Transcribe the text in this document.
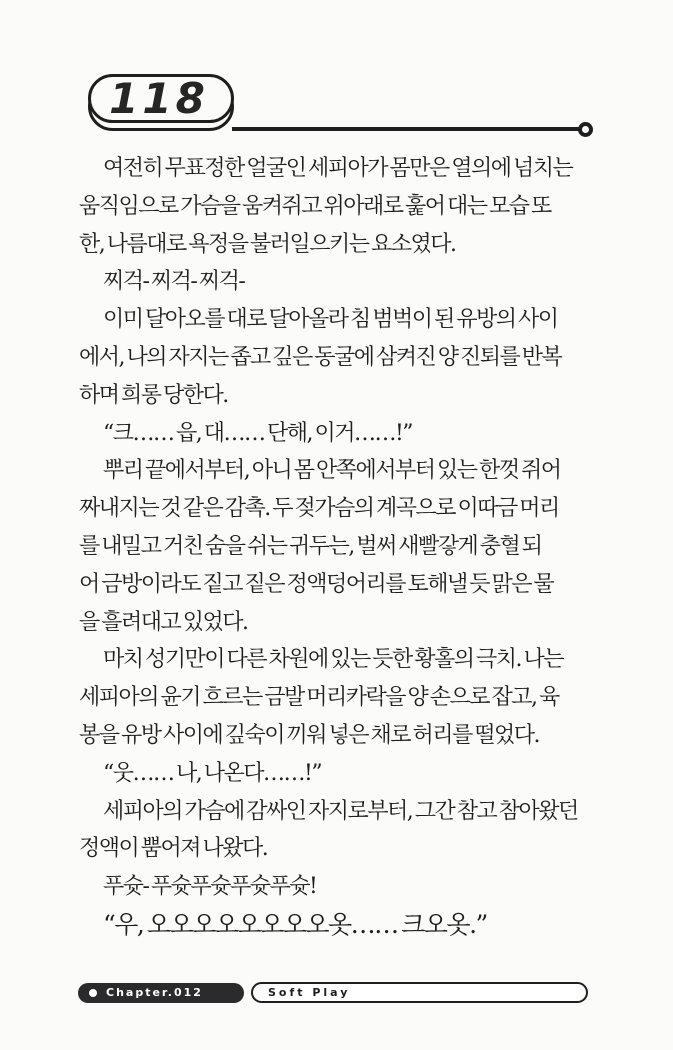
118
여전히 무표정한 얼굴인 세피아가 몸만은 열의에 넘치는
움직임으로 가슴을 움켜쥐고 위아래로 훑어 대는 모습 또
한, 나름대로 욕정을 불러일으키는 요소였다.
찌걱- 찌걱- 찌걱-
이미 달아오를 대로 달아올라 침 범벅이 된 유방의 사이
에서, 나의 자지는 좁고 깊은 동굴에 삼켜진 양 진퇴를 반복
하며 희롱 당한다.
“크…… 읍, 대…… 단해, 이거……!”
뿌리 끝에서부터, 아니 몸 안쪽에서부터 있는 한껏 쥐어
짜내지는 것 같은 감촉. 두 젖가슴의 계곡으로 이따금 머리
를 내밀고 거친 숨을 쉬는 귀두는, 벌써 새빨갛게 충혈 되
어 금방이라도 짙고 짙은 정액덩어리를 토해낼 듯 맑은 물
을 흘려대고 있었다.
마치 성기만이 다른 차원에 있는 듯한 황홀의 극치. 나는
세피아의 윤기 흐르는 금발 머리카락을 양 손으로 잡고, 육
봉을 유방 사이에 깊숙이 끼워 넣은 채로 허리를 떨었다.
“웃…… 나, 나온다……!”
세피아의 가슴에 감싸인 자지로부터, 그간 참고 참아왔던
정액이 뿜어져 나왔다.
푸슛- 푸슛푸슛푸슛푸슛!
“우, 오오오오오오오오옷…… 크오옷.”
Chapter.012	Soft Play
